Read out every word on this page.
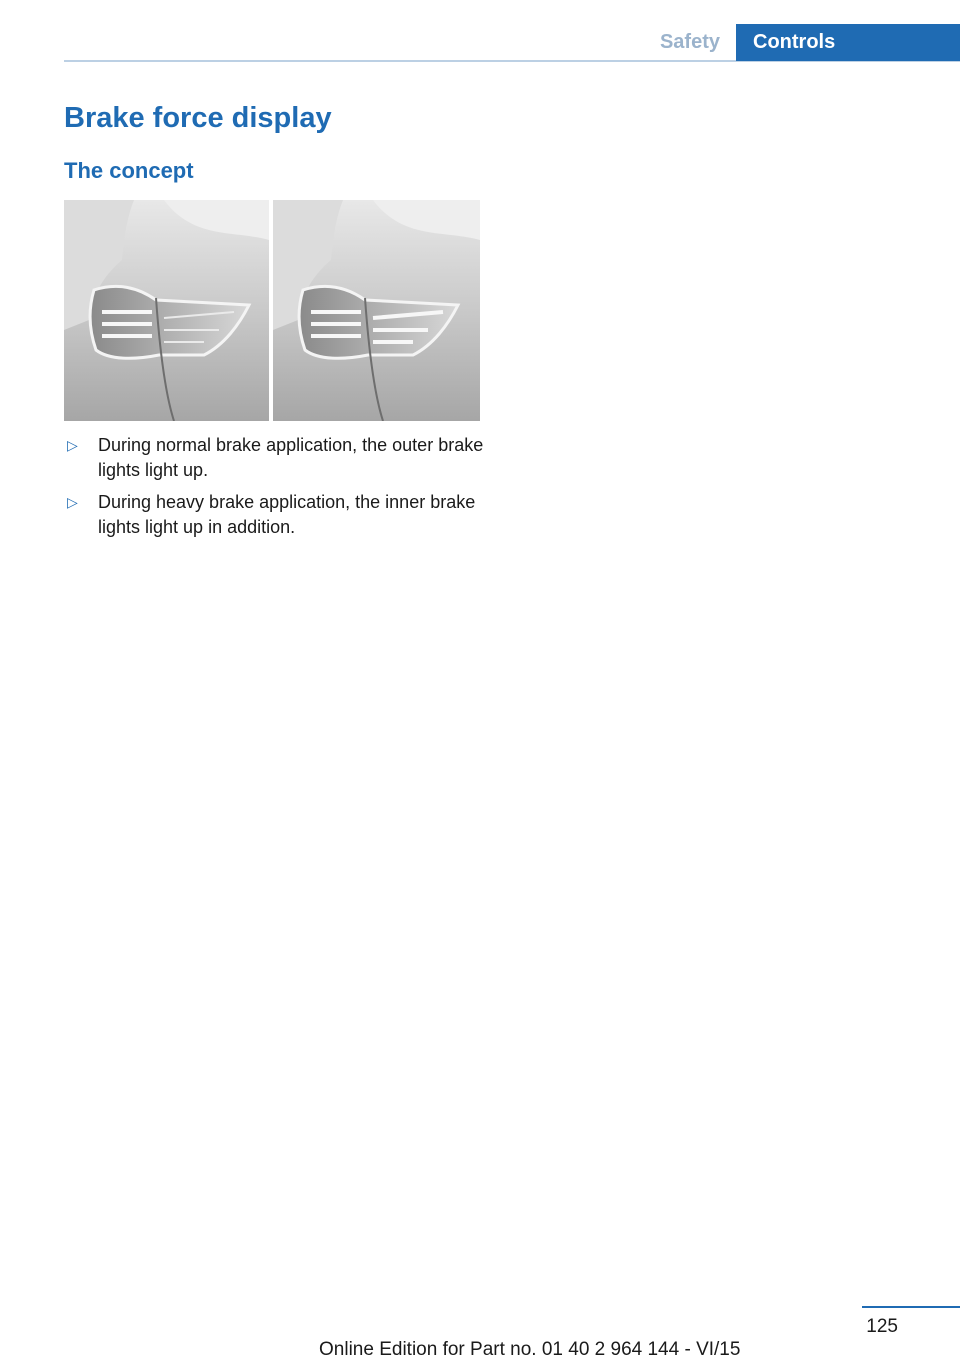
Safety	Controls
Brake force display
The concept
▷ During normal brake application, the outer brake lights light up.
▷ During heavy brake application, the inner brake lights light up in addition.
125
Online Edition for Part no. 01 40 2 964 144 - VI/15
